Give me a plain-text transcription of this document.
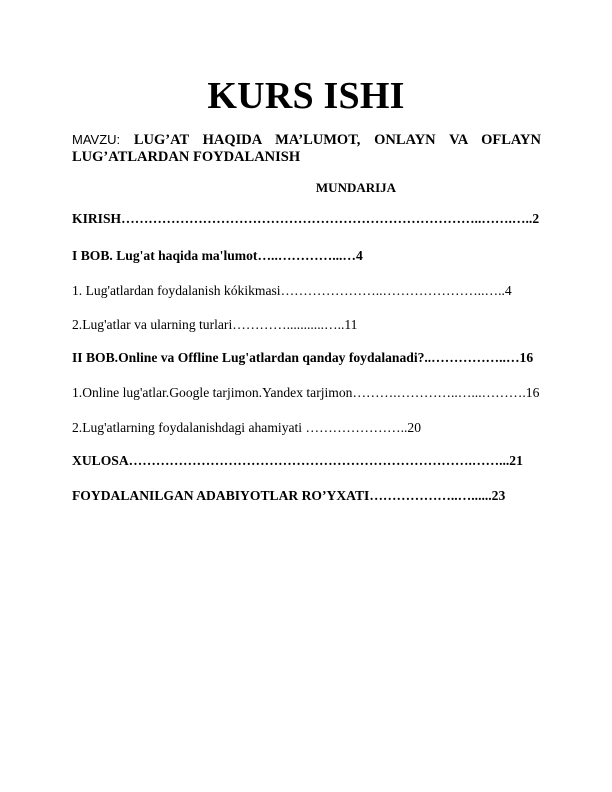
KURS ISHI
MAVZU: LUG’AT HAQIDA MA’LUMOT, ONLAYN VA OFLAYN LUG’ATLARDAN FOYDALANISH
MUNDARIJA
KIRISH……………………………………………………………………..…….…..2
I BOB. Lug'at haqida ma'lumot…..…………...…4
1. Lug'atlardan foydalanish kókikmasi…………………..…………………..…..4
2.Lug'atlar va ularning turlari…………...........…..11
II BOB.Online va Offline Lug'atlardan qanday foydalanadi?..……………..…16
1.Online lug'atlar.Google tarjimon.Yandex tarjimon……….…………..…...……….16
2.Lug'atlarning foydalanishdagi ahamiyati …………………..20
XULOSA………………………………………………………………….……...21
FOYDALANILGAN ADABIYOTLAR RO’YXATI………………..…......23
